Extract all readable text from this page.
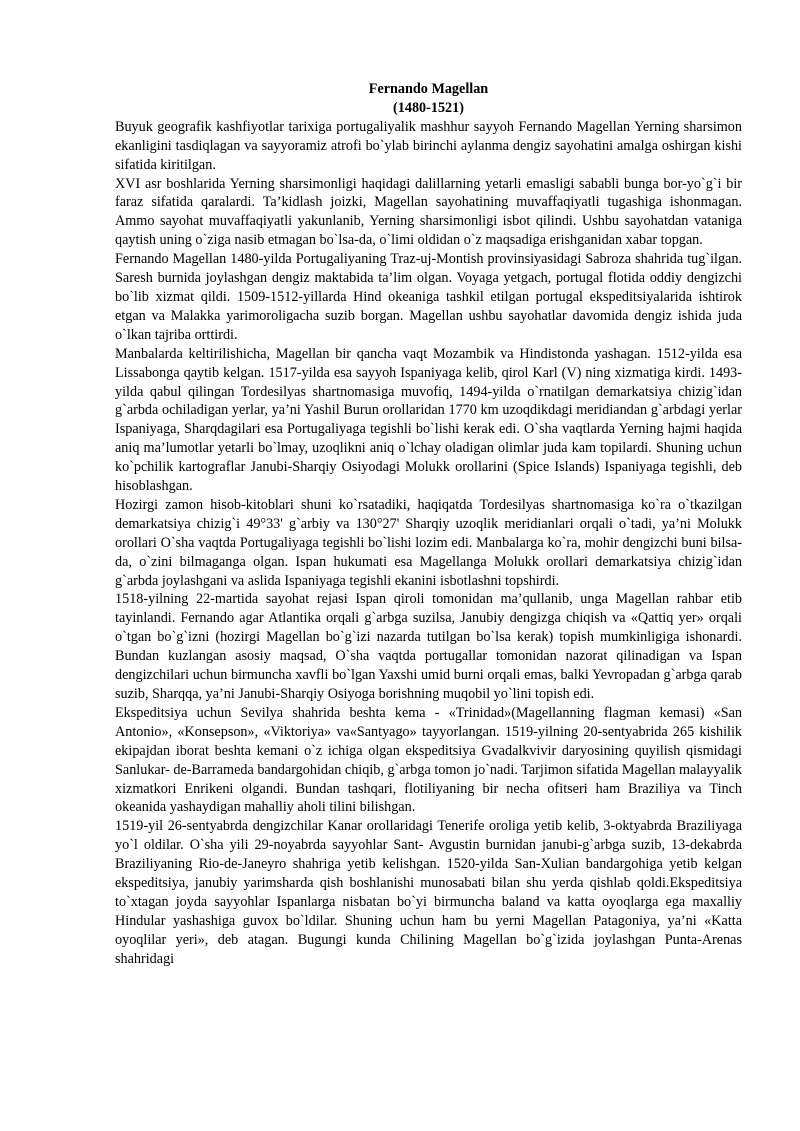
Fernando Magellan

(1480-1521)

Buyuk geografik kashfiyotlar tarixiga portugaliyalik mashhur sayyoh Fernando Magellan Yerning sharsimon ekanligini tasdiqlagan va sayyoramiz atrofi bo`ylab birinchi aylanma dengiz sayohatini amalga oshirgan kishi sifatida kiritilgan.

XVI asr boshlarida Yerning sharsimonligi haqidagi dalillarning yetarli emasligi sababli bunga bor-yo`g`i bir faraz sifatida qaralardi. Ta’kidlash joizki, Magellan sayohatining muvaffaqiyatli tugashiga ishonmagan. Ammo sayohat muvaffaqiyatli yakunlanib, Yerning sharsimonligi isbot qilindi. Ushbu sayohatdan vataniga qaytish uning o`ziga nasib etmagan bo`lsa-da, o`limi oldidan o`z maqsadiga erishganidan xabar topgan.

Fernando Magellan 1480-yilda Portugaliyaning Traz-uj-Montish provinsiyasidagi Sabroza shahrida tug`ilgan. Saresh burnida joylashgan dengiz maktabida ta’lim olgan. Voyaga yetgach, portugal flotida oddiy dengizchi bo`lib xizmat qildi. 1509-1512-yillarda Hind okeaniga tashkil etilgan portugal ekspeditsiyalarida ishtirok etgan va Malakka yarimoroligacha suzib borgan. Magellan ushbu sayohatlar davomida dengiz ishida juda o`lkan tajriba orttirdi.

Manbalarda keltirilishicha, Magellan bir qancha vaqt Mozambik va Hindistonda yashagan. 1512-yilda esa Lissabonga qaytib kelgan. 1517-yilda esa sayyoh Ispaniyaga kelib, qirol Karl (V) ning xizmatiga kirdi. 1493-yilda qabul qilingan Tordesilyas shartnomasiga muvofiq, 1494-yilda o`rnatilgan demarkatsiya chizig`idan g`arbda ochiladigan yerlar, ya’ni Yashil Burun orollaridan 1770 km uzoqdikdagi meridiandan g`arbdagi yerlar Ispaniyaga, Sharqdagilari esa Portugaliyaga tegishli bo`lishi kerak edi. O`sha vaqtlarda Yerning hajmi haqida aniq ma’lumotlar yetarli bo`lmay, uzoqlikni aniq o`lchay oladigan olimlar juda kam topilardi. Shuning uchun ko`pchilik kartograflar Janubi-Sharqiy Osiyodagi Molukk orollarini (Spice Islands) Ispaniyaga tegishli, deb hisoblashgan.

Hozirgi zamon hisob-kitoblari shuni ko`rsatadiki, haqiqatda Tordesilyas shartnomasiga ko`ra o`tkazilgan demarkatsiya chizig`i 49°33' g`arbiy va 130°27' Sharqiy uzoqlik meridianlari orqali o`tadi, ya’ni Molukk orollari O`sha vaqtda Portugaliyaga tegishli bo`lishi lozim edi. Manbalarga ko`ra, mohir dengizchi buni bilsa-da, o`zini bilmaganga olgan. Ispan hukumati esa Magellanga Molukk orollari demarkatsiya chizig`idan g`arbda joylashgani va aslida Ispaniyaga tegishli ekanini isbotlashni topshirdi.

1518-yilning 22-martida sayohat rejasi Ispan qiroli tomonidan ma’qullanib, unga Magellan rahbar etib tayinlandi. Fernando agar Atlantika orqali g`arbga suzilsa, Janubiy dengizga chiqish va «Qattiq yer» orqali o`tgan bo`g`izni (hozirgi Magellan bo`g`izi nazarda tutilgan bo`lsa kerak) topish mumkinligiga ishonardi. Bundan kuzlangan asosiy maqsad, O`sha vaqtda portugallar tomonidan nazorat qilinadigan va Ispan dengizchilari uchun birmuncha xavfli bo`lgan Yaxshi umid burni orqali emas, balki Yevropadan g`arbga qarab suzib, Sharqqa, ya’ni Janubi-Sharqiy Osiyoga borishning muqobil yo`lini topish edi.

Ekspeditsiya uchun Sevilya shahrida beshta kema - «Trinidad»(Magellanning flagman kemasi) «San Antonio», «Konsepson», «Viktoriya» va«Santyago» tayyorlangan. 1519-yilning 20-sentyabrida 265 kishilik ekipajdan iborat beshta kemani o`z ichiga olgan ekspeditsiya Gvadalkvivir daryosining quyilish qismidagi Sanlukar- de-Barrameda bandargohidan chiqib, g`arbga tomon jo`nadi. Tarjimon sifatida Magellan malayyalik xizmatkori Enrikeni olgandi. Bundan tashqari, flotiliyaning bir necha ofitseri ham Braziliya va Tinch okeanida yashaydigan mahalliy aholi tilini bilishgan.

1519-yil 26-sentyabrda dengizchilar Kanar orollaridagi Tenerife oroliga yetib kelib, 3-oktyabrda Braziliyaga yo`l oldilar. O`sha yili 29-noyabrda sayyohlar Sant- Avgustin burnidan janubi-g`arbga suzib, 13-dekabrda Braziliyaning Rio-de-Janeyro shahriga yetib kelishgan. 1520-yilda San-Xulian bandargohiga yetib kelgan ekspeditsiya, janubiy yarimsharda qish boshlanishi munosabati bilan shu yerda qishlab qoldi.Ekspeditsiya to`xtagan joyda sayyohlar Ispanlarga nisbatan bo`yi birmuncha baland va katta oyoqlarga ega maxalliy Hindular yashashiga guvox bo`ldilar. Shuning uchun ham bu yerni Magellan Patagoniya, ya’ni «Katta oyoqlilar yeri», deb atagan. Bugungi kunda Chilining Magellan bo`g`izida joylashgan Punta-Arenas shahridagi
